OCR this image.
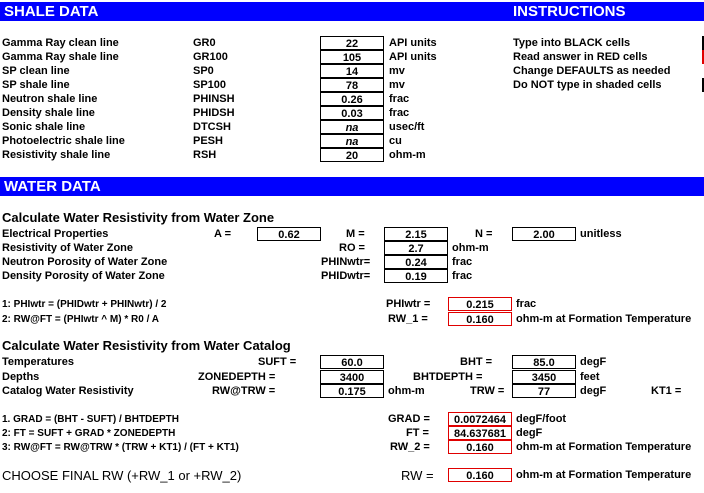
SHALE DATA	INSTRUCTIONS
Gamma Ray clean line	GR0	22	API units
Gamma Ray shale line	GR100	105	API units
SP clean line	SP0	14	mv
SP shale line	SP100	78	mv
Neutron shale line	PHINSH	0.26	frac
Density shale line	PHIDSH	0.03	frac
Sonic shale line	DTCSH	na	usec/ft
Photoelectric shale line	PESH	na	cu
Resistivity shale line	RSH	20	ohm-m
Type into BLACK cells
Read answer in RED cells
Change DEFAULTS as needed
Do NOT type in shaded cells
WATER DATA
Calculate Water Resistivity from Water Zone
Electrical Properties	A =	0.62	M =	2.15	N =	2.00	unitless
Resistivity of Water Zone	RO =	2.7	ohm-m
Neutron Porosity of Water Zone	PHINwtr=	0.24	frac
Density Porosity of Water Zone	PHIDwtr=	0.19	frac
1: PHIwtr = (PHIDwtr + PHINwtr) / 2	PHIwtr =	0.215	frac
2: RW@FT = (PHIwtr ^ M) * R0 / A	RW_1 =	0.160	ohm-m at Formation Temperature
Calculate Water Resistivity from Water Catalog
Temperatures	SUFT =	60.0	BHT =	85.0	degF
Depths	ZONEDEPTH =	3400	BHTDEPTH =	3450	feet
Catalog Water Resistivity	RW@TRW =	0.175	ohm-m	TRW =	77	degF	KT1 =
1. GRAD = (BHT - SUFT) / BHTDEPTH	GRAD =	0.0072464 degF/foot
2: FT = SUFT + GRAD * ZONEDEPTH	FT =	84.637681 degF
3: RW@FT = RW@TRW * (TRW + KT1) / (FT + KT1)	RW_2 =	0.160	ohm-m at Formation Temperature
CHOOSE FINAL RW (+RW_1 or +RW_2)	RW =	0.160	ohm-m at Formation Temperature
